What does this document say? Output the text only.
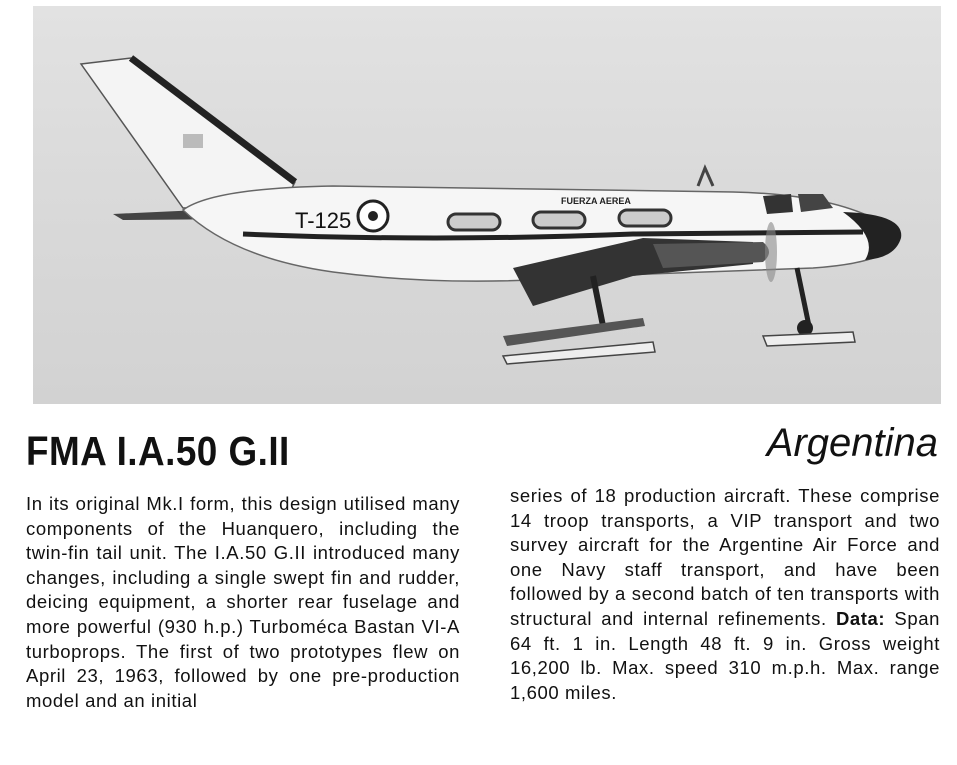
T-125
FUERZA AEREA
FMA I.A.50 G.II	Argentina

In its original Mk.I form, this design utilised many components of the Huanquero, including the twin-fin tail unit. The I.A.50 G.II introduced many changes, including a single swept fin and rudder, deicing equipment, a shorter rear fuselage and more powerful (930 h.p.) Turboméca Bastan VI-A turboprops. The first of two prototypes flew on April 23, 1963, followed by one pre-production model and an initial

series of 18 production aircraft. These comprise 14 troop transports, a VIP transport and two survey aircraft for the Argentine Air Force and one Navy staff transport, and have been followed by a second batch of ten transports with structural and internal refinements. Data: Span 64 ft. 1 in. Length 48 ft. 9 in. Gross weight 16,200 lb. Max. speed 310 m.p.h. Max. range 1,600 miles.
